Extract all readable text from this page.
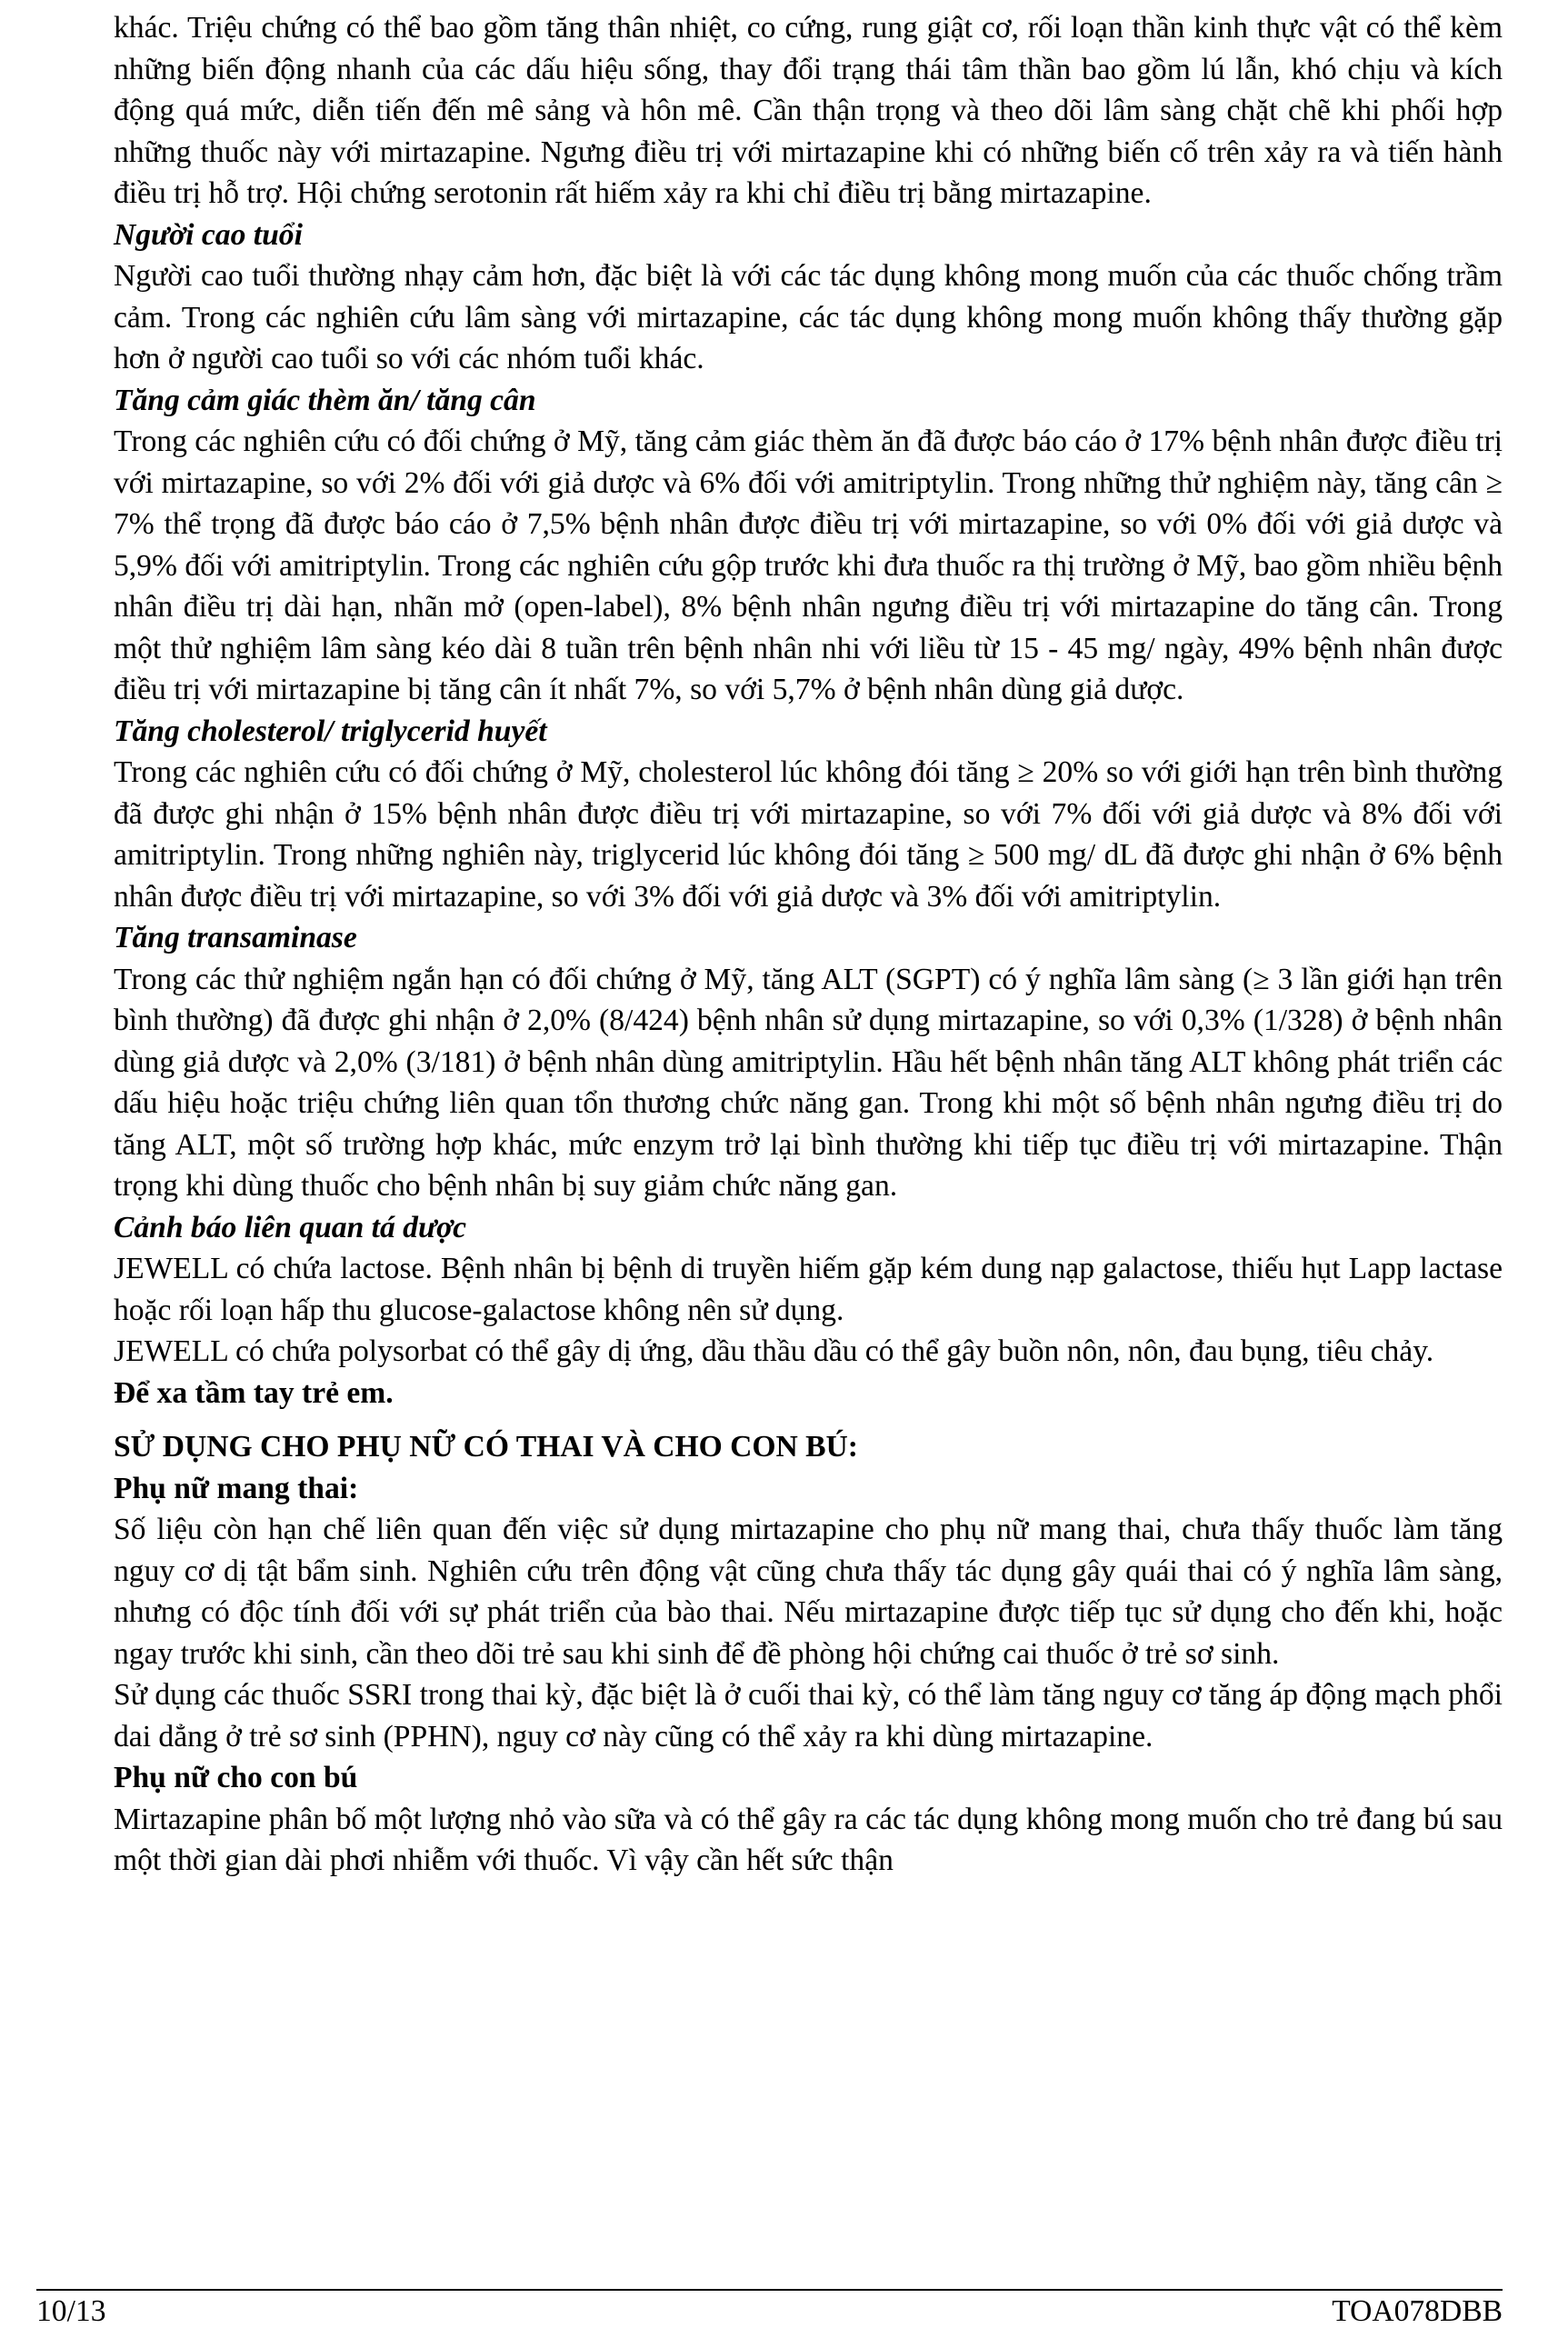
khác. Triệu chứng có thể bao gồm tăng thân nhiệt, co cứng, rung giật cơ, rối loạn thần kinh thực vật có thể kèm những biến động nhanh của các dấu hiệu sống, thay đổi trạng thái tâm thần bao gồm lú lẫn, khó chịu và kích động quá mức, diễn tiến đến mê sảng và hôn mê. Cần thận trọng và theo dõi lâm sàng chặt chẽ khi phối hợp những thuốc này với mirtazapine. Ngưng điều trị với mirtazapine khi có những biến cố trên xảy ra và tiến hành điều trị hỗ trợ. Hội chứng serotonin rất hiếm xảy ra khi chỉ điều trị bằng mirtazapine.

Người cao tuổi

Người cao tuổi thường nhạy cảm hơn, đặc biệt là với các tác dụng không mong muốn của các thuốc chống trầm cảm. Trong các nghiên cứu lâm sàng với mirtazapine, các tác dụng không mong muốn không thấy thường gặp hơn ở người cao tuổi so với các nhóm tuổi khác.

Tăng cảm giác thèm ăn/ tăng cân

Trong các nghiên cứu có đối chứng ở Mỹ, tăng cảm giác thèm ăn đã được báo cáo ở 17% bệnh nhân được điều trị với mirtazapine, so với 2% đối với giả dược và 6% đối với amitriptylin. Trong những thử nghiệm này, tăng cân ≥ 7% thể trọng đã được báo cáo ở 7,5% bệnh nhân được điều trị với mirtazapine, so với 0% đối với giả dược và 5,9% đối với amitriptylin. Trong các nghiên cứu gộp trước khi đưa thuốc ra thị trường ở Mỹ, bao gồm nhiều bệnh nhân điều trị dài hạn, nhãn mở (open-label), 8% bệnh nhân ngưng điều trị với mirtazapine do tăng cân. Trong một thử nghiệm lâm sàng kéo dài 8 tuần trên bệnh nhân nhi với liều từ 15 - 45 mg/ ngày, 49% bệnh nhân được điều trị với mirtazapine bị tăng cân ít nhất 7%, so với 5,7% ở bệnh nhân dùng giả dược.

Tăng cholesterol/ triglycerid huyết

Trong các nghiên cứu có đối chứng ở Mỹ, cholesterol lúc không đói tăng ≥ 20% so với giới hạn trên bình thường đã được ghi nhận ở 15% bệnh nhân được điều trị với mirtazapine, so với 7% đối với giả dược và 8% đối với amitriptylin. Trong những nghiên này, triglycerid lúc không đói tăng ≥ 500 mg/ dL đã được ghi nhận ở 6% bệnh nhân được điều trị với mirtazapine, so với 3% đối với giả dược và 3% đối với amitriptylin.

Tăng transaminase

Trong các thử nghiệm ngắn hạn có đối chứng ở Mỹ, tăng ALT (SGPT) có ý nghĩa lâm sàng (≥ 3 lần giới hạn trên bình thường) đã được ghi nhận ở 2,0% (8/424) bệnh nhân sử dụng mirtazapine, so với 0,3% (1/328) ở bệnh nhân dùng giả dược và 2,0% (3/181) ở bệnh nhân dùng amitriptylin. Hầu hết bệnh nhân tăng ALT không phát triển các dấu hiệu hoặc triệu chứng liên quan tổn thương chức năng gan. Trong khi một số bệnh nhân ngưng điều trị do tăng ALT, một số trường hợp khác, mức enzym trở lại bình thường khi tiếp tục điều trị với mirtazapine. Thận trọng khi dùng thuốc cho bệnh nhân bị suy giảm chức năng gan.

Cảnh báo liên quan tá dược

JEWELL có chứa lactose. Bệnh nhân bị bệnh di truyền hiếm gặp kém dung nạp galactose, thiếu hụt Lapp lactase hoặc rối loạn hấp thu glucose-galactose không nên sử dụng.

JEWELL có chứa polysorbat có thể gây dị ứng, dầu thầu dầu có thể gây buồn nôn, nôn, đau bụng, tiêu chảy.

Để xa tầm tay trẻ em.

SỬ DỤNG CHO PHỤ NỮ CÓ THAI VÀ CHO CON BÚ:

Phụ nữ mang thai:

Số liệu còn hạn chế liên quan đến việc sử dụng mirtazapine cho phụ nữ mang thai, chưa thấy thuốc làm tăng nguy cơ dị tật bẩm sinh. Nghiên cứu trên động vật cũng chưa thấy tác dụng gây quái thai có ý nghĩa lâm sàng, nhưng có độc tính đối với sự phát triển của bào thai. Nếu mirtazapine được tiếp tục sử dụng cho đến khi, hoặc ngay trước khi sinh, cần theo dõi trẻ sau khi sinh để đề phòng hội chứng cai thuốc ở trẻ sơ sinh.

Sử dụng các thuốc SSRI trong thai kỳ, đặc biệt là ở cuối thai kỳ, có thể làm tăng nguy cơ tăng áp động mạch phổi dai dẳng ở trẻ sơ sinh (PPHN), nguy cơ này cũng có thể xảy ra khi dùng mirtazapine.

Phụ nữ cho con bú

Mirtazapine phân bố một lượng nhỏ vào sữa và có thể gây ra các tác dụng không mong muốn cho trẻ đang bú sau một thời gian dài phơi nhiễm với thuốc. Vì vậy cần hết sức thận

10/13	TOA078DBB
